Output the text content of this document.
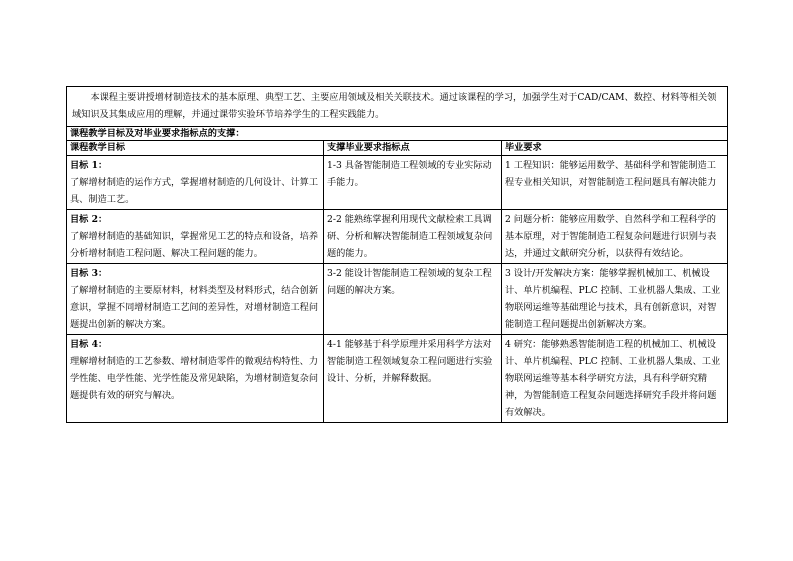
本课程主要讲授增材制造技术的基本原理、典型工艺、主要应用领域及相关关联技术。通过该课程的学习，加强学生对于CAD/CAM、数控、材料等相关领域知识及其集成应用的理解，并通过课带实验环节培养学生的工程实践能力。		
课程教学目标及对毕业要求指标点的支撑：		
课程教学目标	支撑毕业要求指标点	毕业要求

目标 1：
了解增材制造的运作方式，掌握增材制造的几何设计、计算工具、制造工艺。	1-3 具备智能制造工程领域的专业实际动手能力。	1 工程知识：能够运用数学、基础科学和智能制造工程专业相关知识，对智能制造工程问题具有解决能力

目标 2：
了解增材制造的基础知识，掌握常见工艺的特点和设备，培养分析增材制造工程问题、解决工程问题的能力。	2-2 能熟练掌握利用现代文献检索工具调研、分析和解决智能制造工程领域复杂问题的能力。	2 问题分析：能够应用数学、自然科学和工程科学的基本原理，对于智能制造工程复杂问题进行识别与表达，并通过文献研究分析，以获得有效结论。

目标 3：
了解增材制造的主要原材料，材料类型及材料形式，结合创新意识，掌握不同增材制造工艺间的差异性，对增材制造工程问题提出创新的解决方案。	3-2 能设计智能制造工程领域的复杂工程问题的解决方案。	3 设计/开发解决方案：能够掌握机械加工、机械设计、单片机编程、PLC 控制、工业机器人集成、工业物联网运维等基础理论与技术，具有创新意识，对智能制造工程问题提出创新解决方案。

目标 4：
理解增材制造的工艺参数、增材制造零件的微观结构特性、力学性能、电学性能、光学性能及常见缺陷，为增材制造复杂问题提供有效的研究与解决。	4-1 能够基于科学原理并采用科学方法对智能制造工程领域复杂工程问题进行实验设计、分析，并解释数据。	4 研究：能够熟悉智能制造工程的机械加工、机械设计、单片机编程、PLC 控制、工业机器人集成、工业物联网运维等基本科学研究方法，具有科学研究精神，为智能制造工程复杂问题选择研究手段并将问题有效解决。
